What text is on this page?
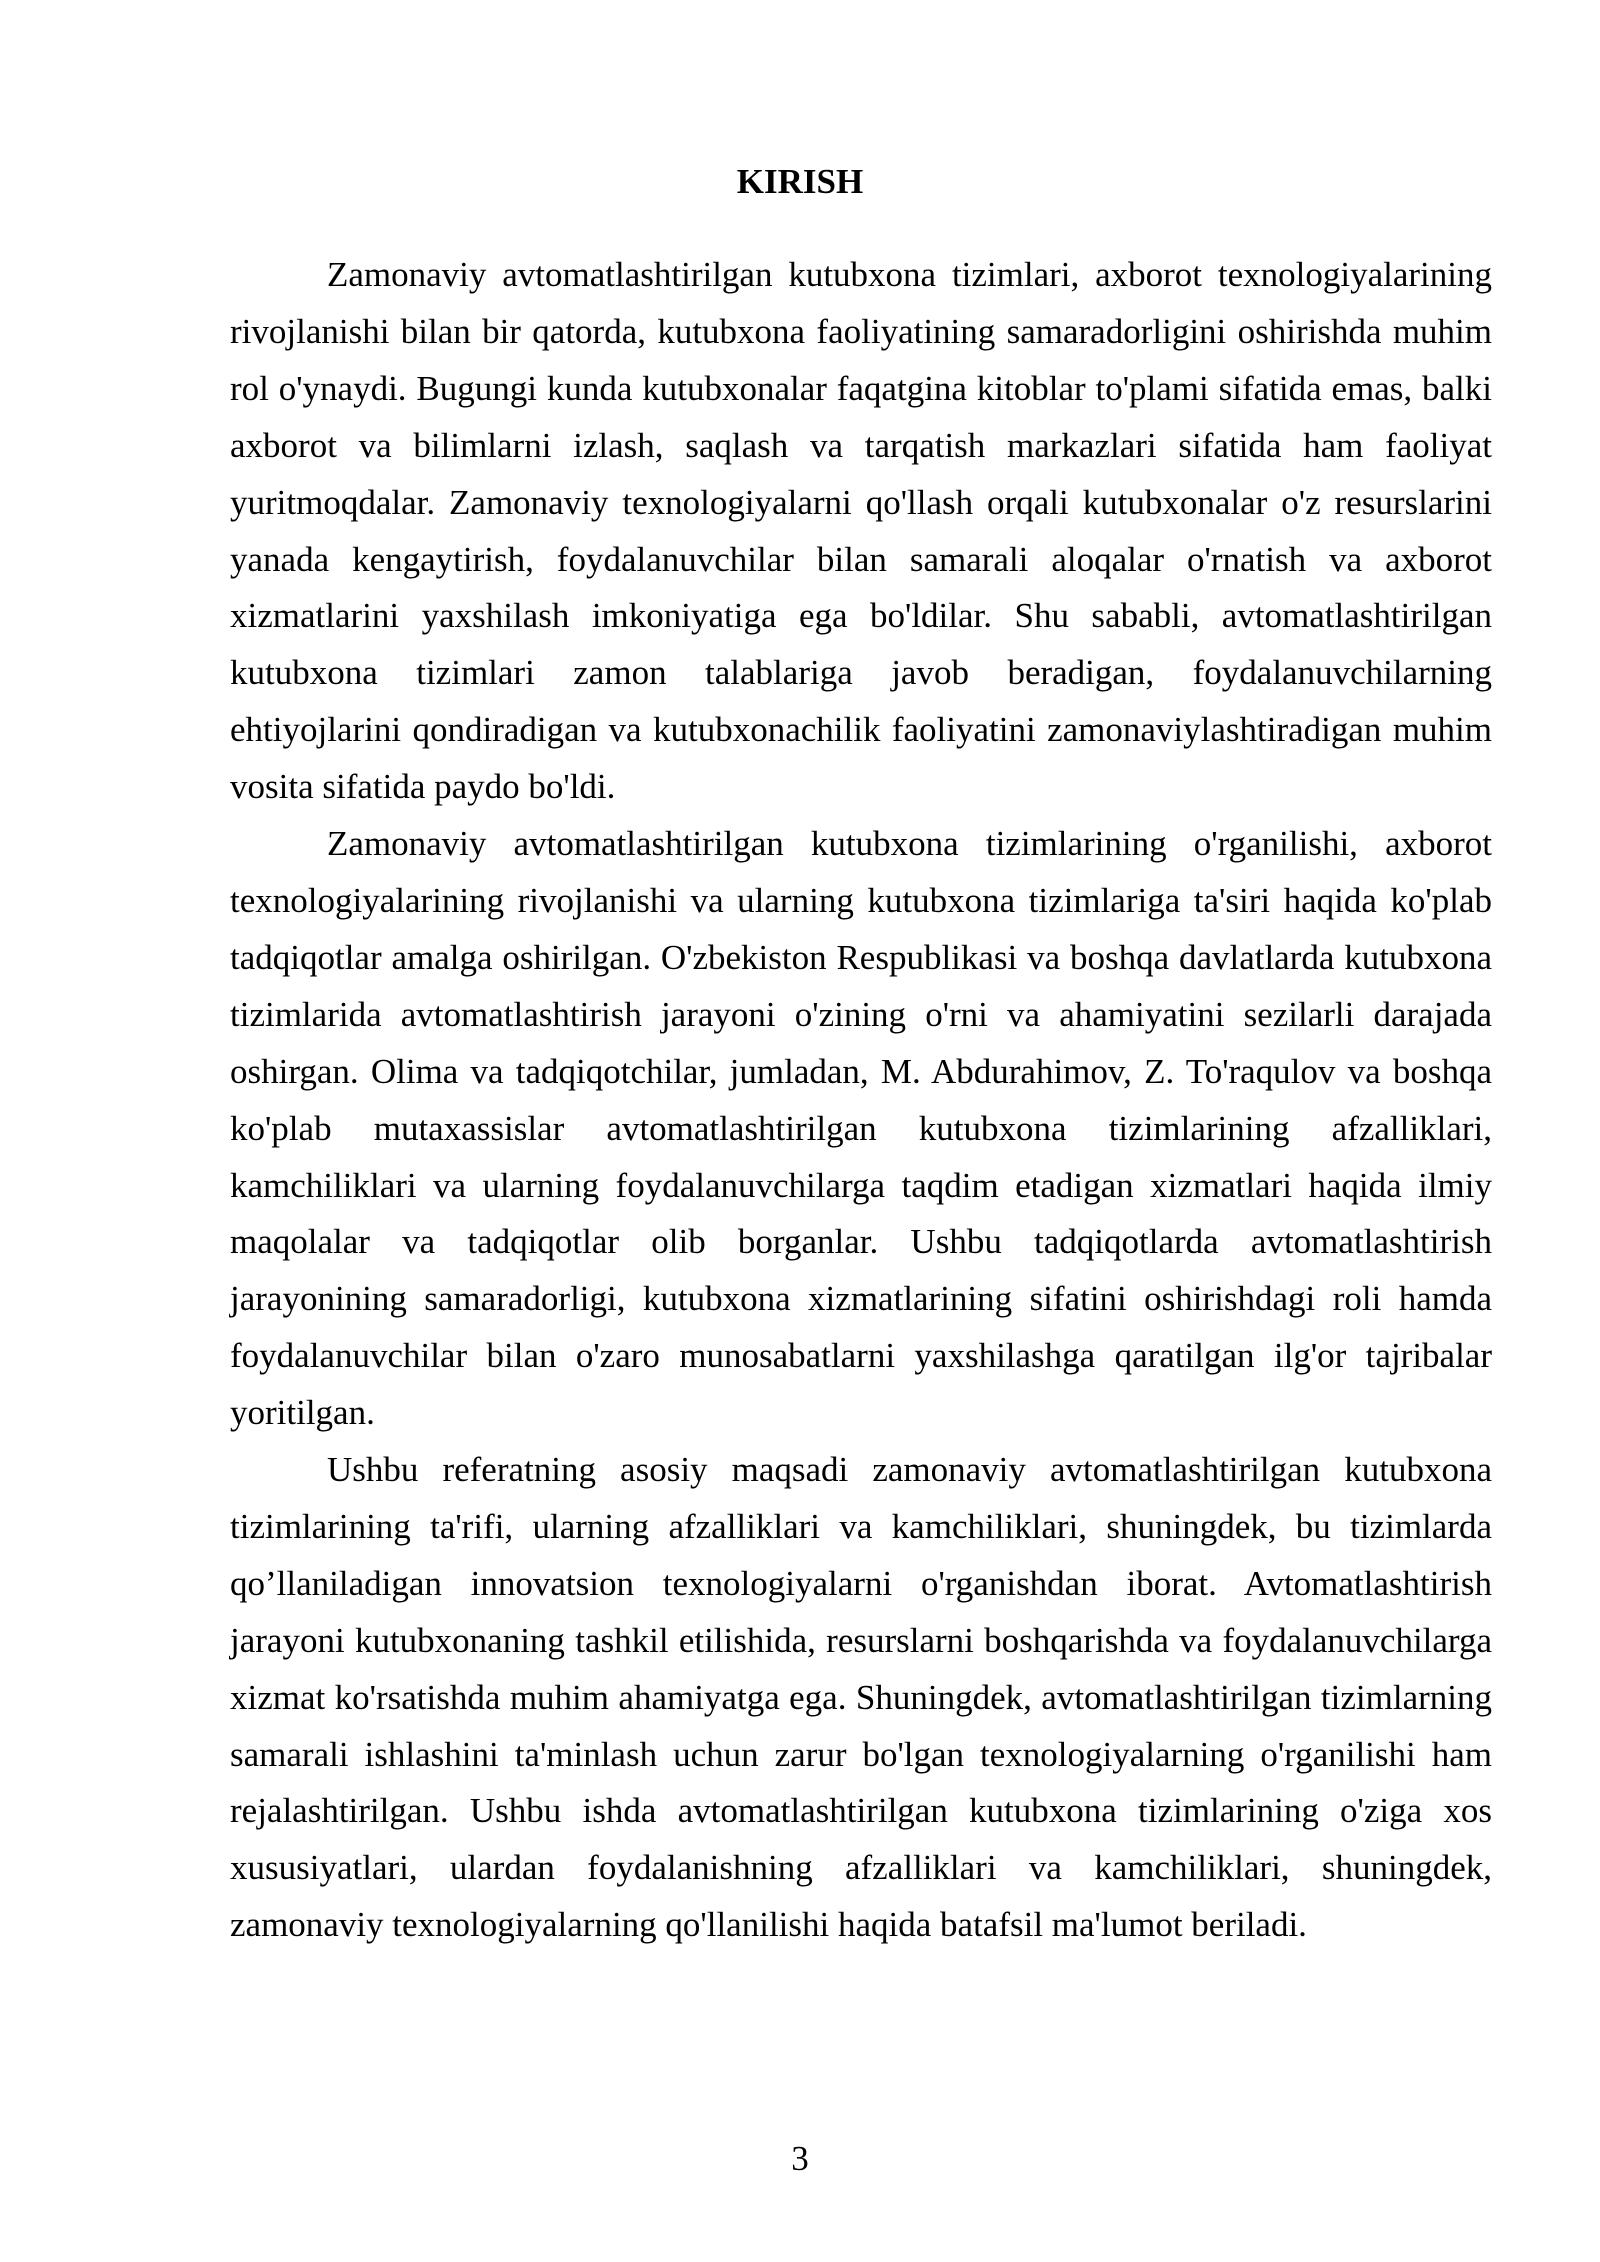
KIRISH

Zamonaviy avtomatlashtirilgan kutubxona tizimlari, axborot texnologiyalarining rivojlanishi bilan bir qatorda, kutubxona faoliyatining samaradorligini oshirishda muhim rol o'ynaydi. Bugungi kunda kutubxonalar faqatgina kitoblar to'plami sifatida emas, balki axborot va bilimlarni izlash, saqlash va tarqatish markazlari sifatida ham faoliyat yuritmoqdalar. Zamonaviy texnologiyalarni qo'llash orqali kutubxonalar o'z resurslarini yanada kengaytirish, foydalanuvchilar bilan samarali aloqalar o'rnatish va axborot xizmatlarini yaxshilash imkoniyatiga ega bo'ldilar. Shu sababli, avtomatlashtirilgan kutubxona tizimlari zamon talablariga javob beradigan, foydalanuvchilarning ehtiyojlarini qondiradigan va kutubxonachilik faoliyatini zamonaviylashtiradigan muhim vosita sifatida paydo bo'ldi.

Zamonaviy avtomatlashtirilgan kutubxona tizimlarining o'rganilishi, axborot texnologiyalarining rivojlanishi va ularning kutubxona tizimlariga ta'siri haqida ko'plab tadqiqotlar amalga oshirilgan. O'zbekiston Respublikasi va boshqa davlatlarda kutubxona tizimlarida avtomatlashtirish jarayoni o'zining o'rni va ahamiyatini sezilarli darajada oshirgan. Olima va tadqiqotchilar, jumladan, M. Abdurahimov, Z. To'raqulov va boshqa ko'plab mutaxassislar avtomatlashtirilgan kutubxona tizimlarining afzalliklari, kamchiliklari va ularning foydalanuvchilarga taqdim etadigan xizmatlari haqida ilmiy maqolalar va tadqiqotlar olib borganlar. Ushbu tadqiqotlarda avtomatlashtirish jarayonining samaradorligi, kutubxona xizmatlarining sifatini oshirishdagi roli hamda foydalanuvchilar bilan o'zaro munosabatlarni yaxshilashga qaratilgan ilg'or tajribalar yoritilgan.

Ushbu referatning asosiy maqsadi zamonaviy avtomatlashtirilgan kutubxona tizimlarining ta'rifi, ularning afzalliklari va kamchiliklari, shuningdek, bu tizimlarda qo’llaniladigan innovatsion texnologiyalarni o'rganishdan iborat. Avtomatlashtirish jarayoni kutubxonaning tashkil etilishida, resurslarni boshqarishda va foydalanuvchilarga xizmat ko'rsatishda muhim ahamiyatga ega. Shuningdek, avtomatlashtirilgan tizimlarning samarali ishlashini ta'minlash uchun zarur bo'lgan texnologiyalarning o'rganilishi ham rejalashtirilgan. Ushbu ishda avtomatlashtirilgan kutubxona tizimlarining o'ziga xos xususiyatlari, ulardan foydalanishning afzalliklari va kamchiliklari, shuningdek, zamonaviy texnologiyalarning qo'llanilishi haqida batafsil ma'lumot beriladi.

3
